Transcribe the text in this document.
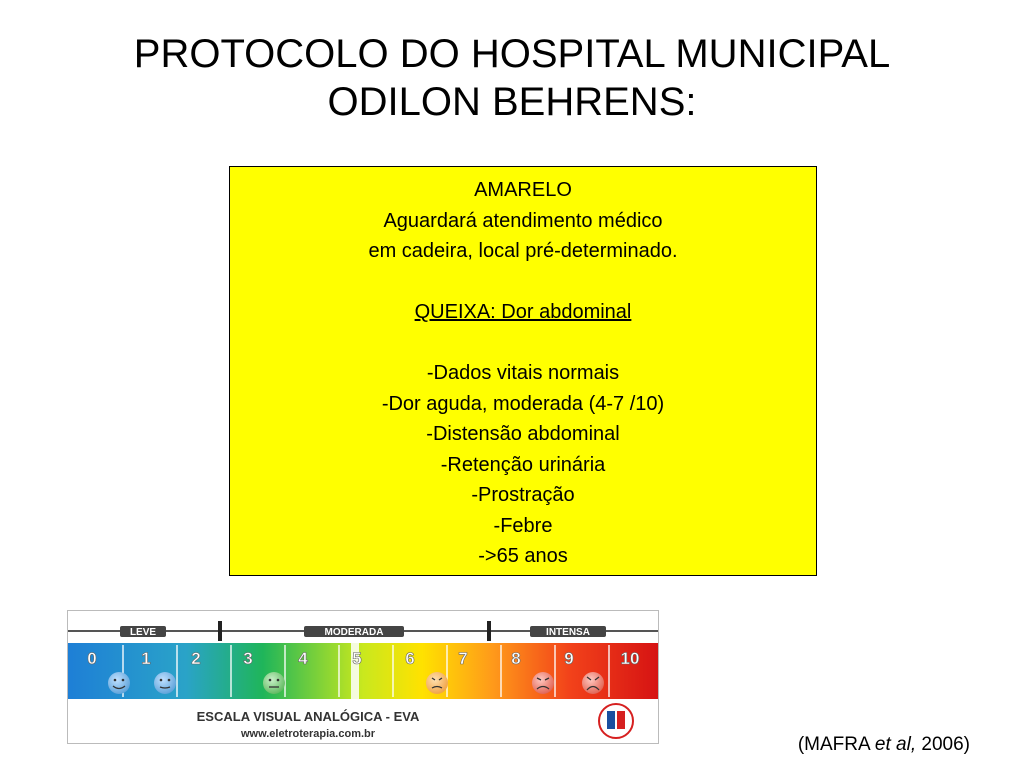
PROTOCOLO DO HOSPITAL MUNICIPAL
ODILON BEHRENS:
AMARELO
Aguardará atendimento médico
em cadeira, local pré-determinado.
QUEIXA: Dor abdominal
-Dados vitais normais
-Dor aguda, moderada (4-7 /10)
-Distensão abdominal
-Retenção urinária
-Prostração
-Febre
->65 anos
LEVE	MODERADA	INTENSA
0	1 2	3	4	5	6	7	8	9	10
ESCALA VISUAL ANALÓGICA - EVA
www.eletroterapia.com.br	(MAFRA et al, 2006)
